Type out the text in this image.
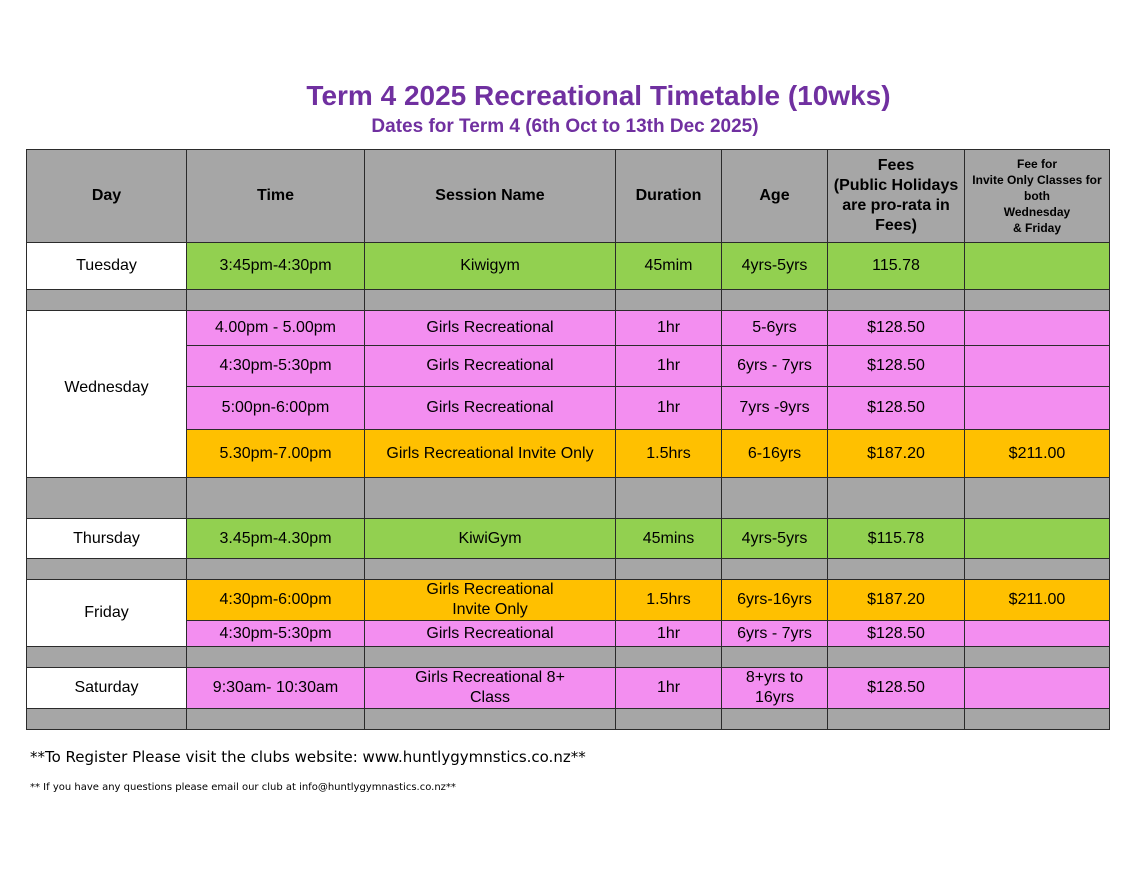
Term 4 2025 Recreational Timetable (10wks)
Dates for Term 4 (6th Oct to 13th Dec 2025)
Day	Time	Session Name	Duration	Age	Fees
(Public Holidays
are pro-rata in
Fees)	Fee for
Invite Only Classes for
both
Wednesday
& Friday
Tuesday	3:45pm-4:30pm	Kiwigym	45mim	4yrs-5yrs	115.78	

Wednesday	4.00pm - 5.00pm	Girls Recreational	1hr	5-6yrs	$128.50	
	4:30pm-5:30pm	Girls Recreational	1hr	6yrs - 7yrs	$128.50	
	5:00pn-6:00pm	Girls Recreational	1hr	7yrs -9yrs	$128.50	
	5.30pm-7.00pm	Girls Recreational Invite Only	1.5hrs	6-16yrs	$187.20	$211.00

Thursday	3.45pm-4.30pm	KiwiGym	45mins	4yrs-5yrs	$115.78	

Friday	4:30pm-6:00pm	Girls Recreational
Invite Only	1.5hrs	6yrs-16yrs	$187.20	$211.00
	4:30pm-5:30pm	Girls Recreational	1hr	6yrs - 7yrs	$128.50	

Saturday	9:30am- 10:30am	Girls Recreational 8+
Class	1hr	8+yrs to
16yrs	$128.50	

**To Register Please visit the clubs website: www.huntlygymnstics.co.nz**
** If you have any questions please email our club at info@huntlygymnastics.co.nz**
